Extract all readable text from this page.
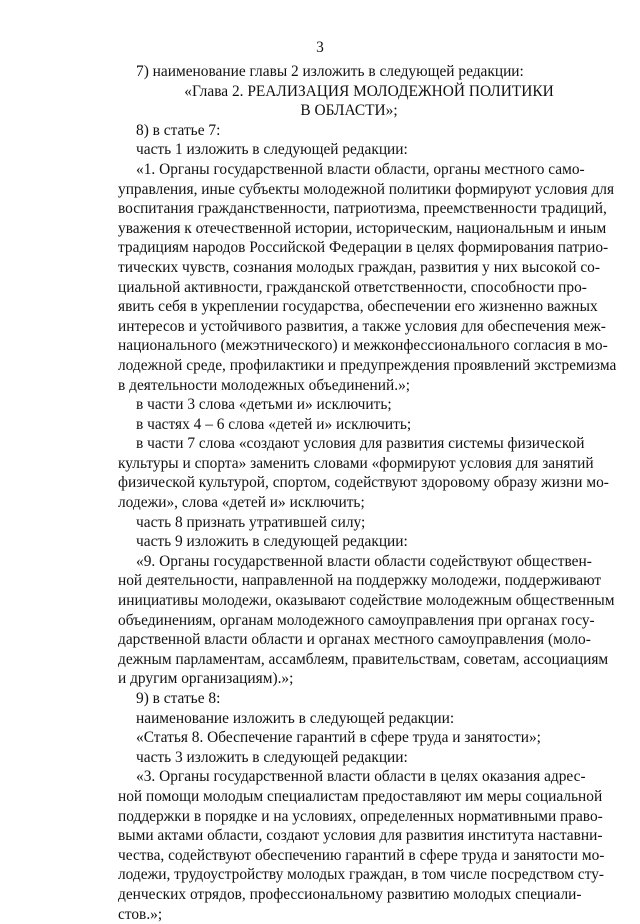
3
7) наименование главы 2 изложить в следующей редакции:
«Глава 2. РЕАЛИЗАЦИЯ МОЛОДЕЖНОЙ ПОЛИТИКИ
В ОБЛАСТИ»;
8) в статье 7:
часть 1 изложить в следующей редакции:
«1. Органы государственной власти области, органы местного само-
управления, иные субъекты молодежной политики формируют условия для
воспитания гражданственности, патриотизма, преемственности традиций,
уважения к отечественной истории, историческим, национальным и иным
традициям народов Российской Федерации в целях формирования патрио-
тических чувств, сознания молодых граждан, развития у них высокой со-
циальной активности, гражданской ответственности, способности про-
явить себя в укреплении государства, обеспечении его жизненно важных
интересов и устойчивого развития, а также условия для обеспечения меж-
национального (межэтнического) и межконфессионального согласия в мо-
лодежной среде, профилактики и предупреждения проявлений экстремизма
в деятельности молодежных объединений.»;
в части 3 слова «детьми и» исключить;
в частях 4 – 6 слова «детей и» исключить;
в части 7 слова «создают условия для развития системы физической
культуры и спорта» заменить словами «формируют условия для занятий
физической культурой, спортом, содействуют здоровому образу жизни мо-
лодежи», слова «детей и» исключить;
часть 8 признать утратившей силу;
часть 9 изложить в следующей редакции:
«9. Органы государственной власти области содействуют обществен-
ной деятельности, направленной на поддержку молодежи, поддерживают
инициативы молодежи, оказывают содействие молодежным общественным
объединениям, органам молодежного самоуправления при органах госу-
дарственной власти области и органах местного самоуправления (моло-
дежным парламентам, ассамблеям, правительствам, советам, ассоциациям
и другим организациям).»;
9) в статье 8:
наименование изложить в следующей редакции:
«Статья 8. Обеспечение гарантий в сфере труда и занятости»;
часть 3 изложить в следующей редакции:
«3. Органы государственной власти области в целях оказания адрес-
ной помощи молодым специалистам предоставляют им меры социальной
поддержки в порядке и на условиях, определенных нормативными право-
выми актами области, создают условия для развития института наставни-
чества, содействуют обеспечению гарантий в сфере труда и занятости мо-
лодежи, трудоустройству молодых граждан, в том числе посредством сту-
денческих отрядов, профессиональному развитию молодых специали-
стов.»;
